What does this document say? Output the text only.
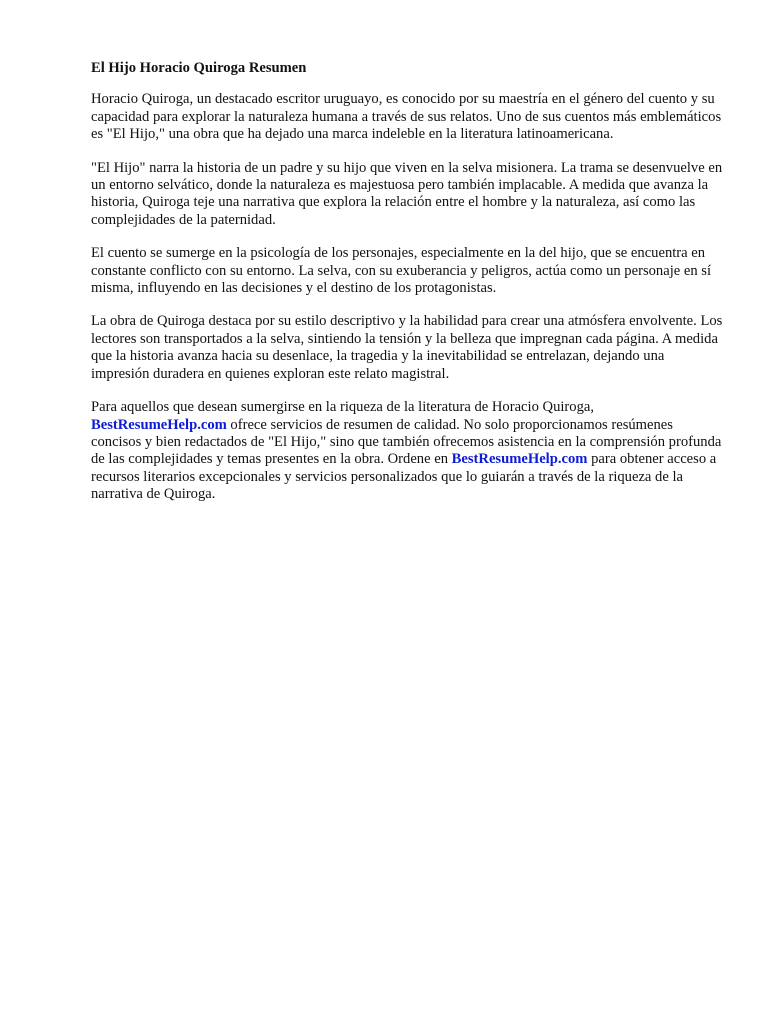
El Hijo Horacio Quiroga Resumen

Horacio Quiroga, un destacado escritor uruguayo, es conocido por su maestría en el género del cuento y su capacidad para explorar la naturaleza humana a través de sus relatos. Uno de sus cuentos más emblemáticos es "El Hijo," una obra que ha dejado una marca indeleble en la literatura latinoamericana.

"El Hijo" narra la historia de un padre y su hijo que viven en la selva misionera. La trama se desenvuelve en un entorno selvático, donde la naturaleza es majestuosa pero también implacable. A medida que avanza la historia, Quiroga teje una narrativa que explora la relación entre el hombre y la naturaleza, así como las complejidades de la paternidad.

El cuento se sumerge en la psicología de los personajes, especialmente en la del hijo, que se encuentra en constante conflicto con su entorno. La selva, con su exuberancia y peligros, actúa como un personaje en sí misma, influyendo en las decisiones y el destino de los protagonistas.

La obra de Quiroga destaca por su estilo descriptivo y la habilidad para crear una atmósfera envolvente. Los lectores son transportados a la selva, sintiendo la tensión y la belleza que impregnan cada página. A medida que la historia avanza hacia su desenlace, la tragedia y la inevitabilidad se entrelazan, dejando una impresión duradera en quienes exploran este relato magistral.

Para aquellos que desean sumergirse en la riqueza de la literatura de Horacio Quiroga, BestResumeHelp.com ofrece servicios de resumen de calidad. No solo proporcionamos resúmenes concisos y bien redactados de "El Hijo," sino que también ofrecemos asistencia en la comprensión profunda de las complejidades y temas presentes en la obra. Ordene en BestResumeHelp.com para obtener acceso a recursos literarios excepcionales y servicios personalizados que lo guiarán a través de la riqueza de la narrativa de Quiroga.
